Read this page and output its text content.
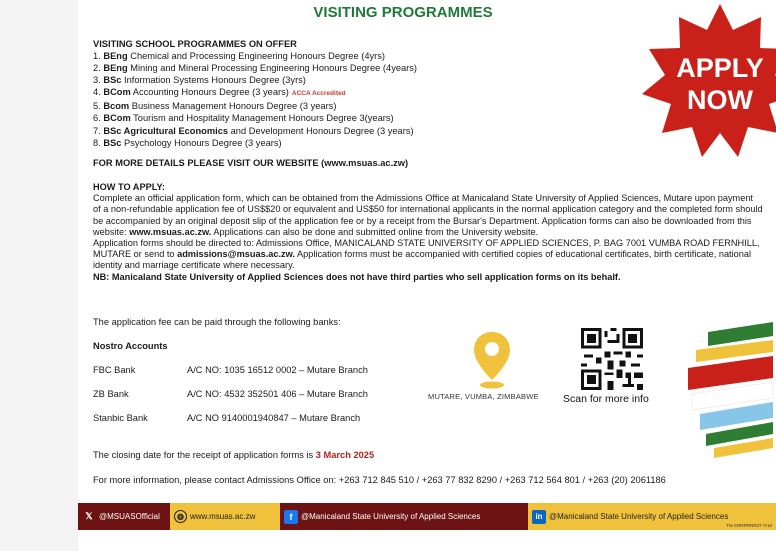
VISITING PROGRAMMES
APPLY
NOW
VISITING SCHOOL PROGRAMMES ON OFFER
1. BEng Chemical and Processing Engineering Honours Degree (4yrs)
2. BEng Mining and Mineral Processing Engineering Honours Degree (4years)
3. BSc Information Systems Honours Degree (3yrs)
4. BCom Accounting Honours Degree (3 years) ACCA Accredited
5. Bcom Business Management Honours Degree (3 years)
6. BCom Tourism and Hospitality Management Honours Degree 3(years)
7. BSc Agricultural Economics and Development Honours Degree (3 years)
8. BSc Psychology Honours Degree (3 years)
FOR MORE DETAILS PLEASE VISIT OUR WEBSITE (www.msuas.ac.zw)
HOW TO APPLY:
Complete an official application form, which can be obtained from the Admissions Office at Manicaland State University of Applied Sciences, Mutare upon payment of a non-refundable application fee of US$$20 or equivalent and US$50 for international applicants in the normal application category and the completed form should be accompanied by an original deposit slip of the application fee or by a receipt from the Bursar's Department. Application forms can also be downloaded from this website: www.msuas.ac.zw. Applications can also be done and submitted online from the University website.
Application forms should be directed to: Admissions Office, MANICALAND STATE UNIVERSITY OF APPLIED SCIENCES, P. BAG 7001 VUMBA ROAD FERNHILL, MUTARE or send to admissions@msuas.ac.zw. Application forms must be accompanied with certified copies of educational certificates, birth certificate, national identity and marriage certificate where necessary.
NB: Manicaland State University of Applied Sciences does not have third parties who sell application forms on its behalf.
The application fee can be paid through the following banks:
Nostro Accounts
FBC Bank	A/C NO: 1035 16512 0002 – Mutare Branch
ZB Bank	A/C NO: 4532 352501 406 – Mutare Branch
Stanbic Bank	A/C NO 9140001940847 – Mutare Branch
MUTARE, VUMBA, ZIMBABWE Scan for more info
The closing date for the receipt of application forms is 3 March 2025
For more information, please contact Admissions Office on: +263 712 845 510 / +263 77 832 8290 / +263 712 564 801 / +263 (20) 2061186
𝕏 @MSUASOfficial	◍ www.msuas.ac.zw	f	@Manicaland State University of Applied Sciences	in @Manicaland State University of Applied Sciences
TN-CRRRRRR37 /Y10
